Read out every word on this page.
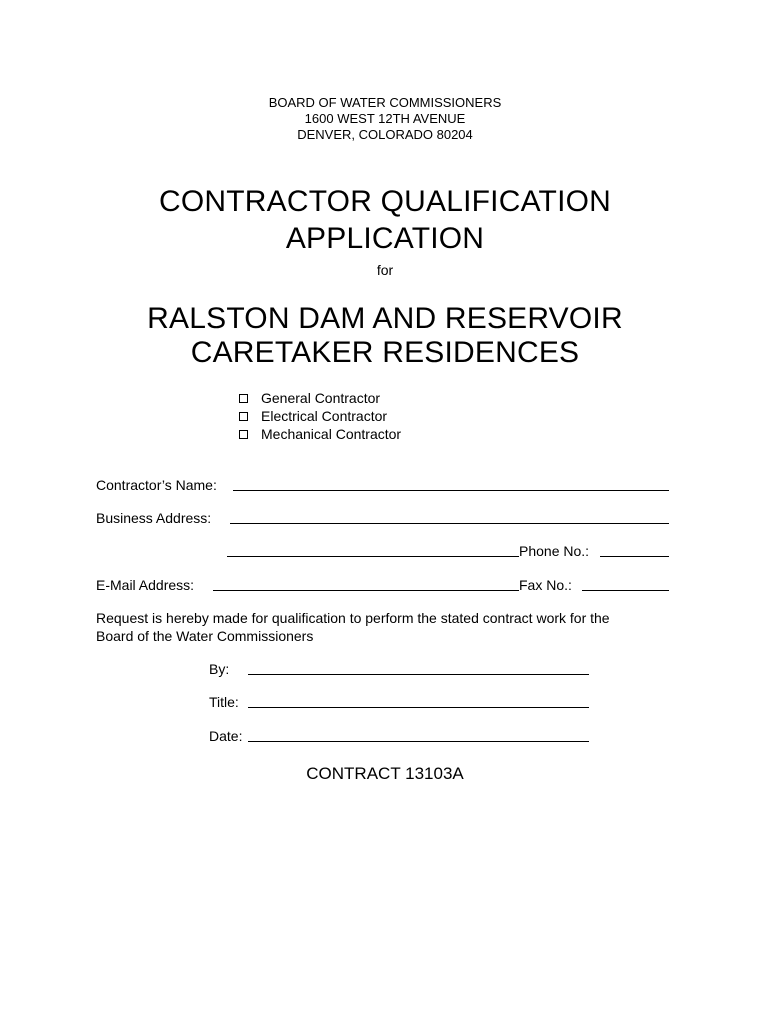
BOARD OF WATER COMMISSIONERS
1600 WEST 12TH AVENUE
DENVER, COLORADO 80204
CONTRACTOR QUALIFICATION
APPLICATION
for
RALSTON DAM AND RESERVOIR
CARETAKER RESIDENCES
General Contractor
Electrical Contractor
Mechanical Contractor
Contractor’s Name:
Business Address:
Phone No.:
E-Mail Address:	Fax No.:
Request is hereby made for qualification to perform the stated contract work for the
Board of the Water Commissioners
By:
Title:
Date:
CONTRACT 13103A
